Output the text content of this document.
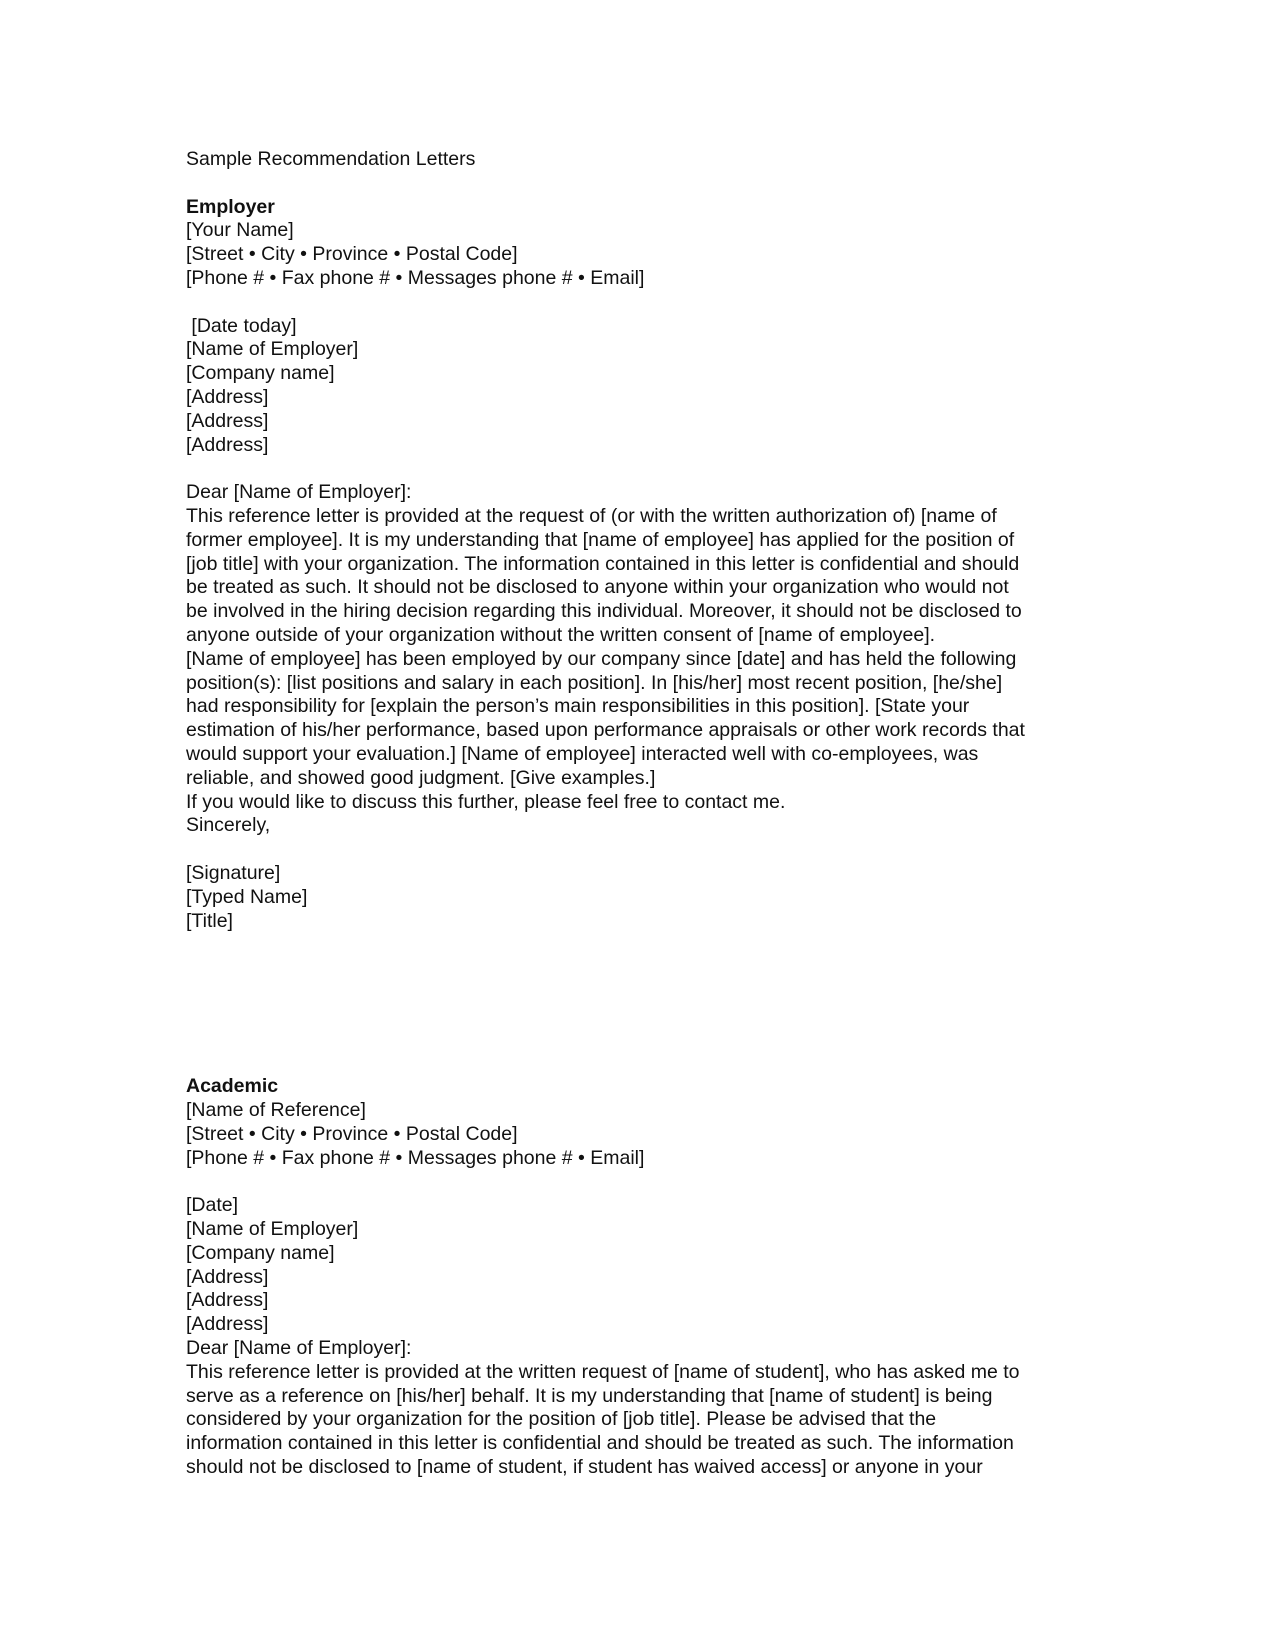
Sample Recommendation Letters
Employer
[Your Name]
[Street • City • Province • Postal Code]
[Phone # • Fax phone # • Messages phone # • Email]
[Date today]
[Name of Employer]
[Company name]
[Address]
[Address]
[Address]
Dear [Name of Employer]:
This reference letter is provided at the request of (or with the written authorization of) [name of
former employee]. It is my understanding that [name of employee] has applied for the position of
[job title] with your organization. The information contained in this letter is confidential and should
be treated as such. It should not be disclosed to anyone within your organization who would not
be involved in the hiring decision regarding this individual. Moreover, it should not be disclosed to
anyone outside of your organization without the written consent of [name of employee].
[Name of employee] has been employed by our company since [date] and has held the following
position(s): [list positions and salary in each position]. In [his/her] most recent position, [he/she]
had responsibility for [explain the person’s main responsibilities in this position]. [State your
estimation of his/her performance, based upon performance appraisals or other work records that
would support your evaluation.] [Name of employee] interacted well with co-employees, was
reliable, and showed good judgment. [Give examples.]
If you would like to discuss this further, please feel free to contact me.
Sincerely,
[Signature]
[Typed Name]
[Title]
Academic
[Name of Reference]
[Street • City • Province • Postal Code]
[Phone # • Fax phone # • Messages phone # • Email]
[Date]
[Name of Employer]
[Company name]
[Address]
[Address]
[Address]
Dear [Name of Employer]:
This reference letter is provided at the written request of [name of student], who has asked me to
serve as a reference on [his/her] behalf. It is my understanding that [name of student] is being
considered by your organization for the position of [job title]. Please be advised that the
information contained in this letter is confidential and should be treated as such. The information
should not be disclosed to [name of student, if student has waived access] or anyone in your
